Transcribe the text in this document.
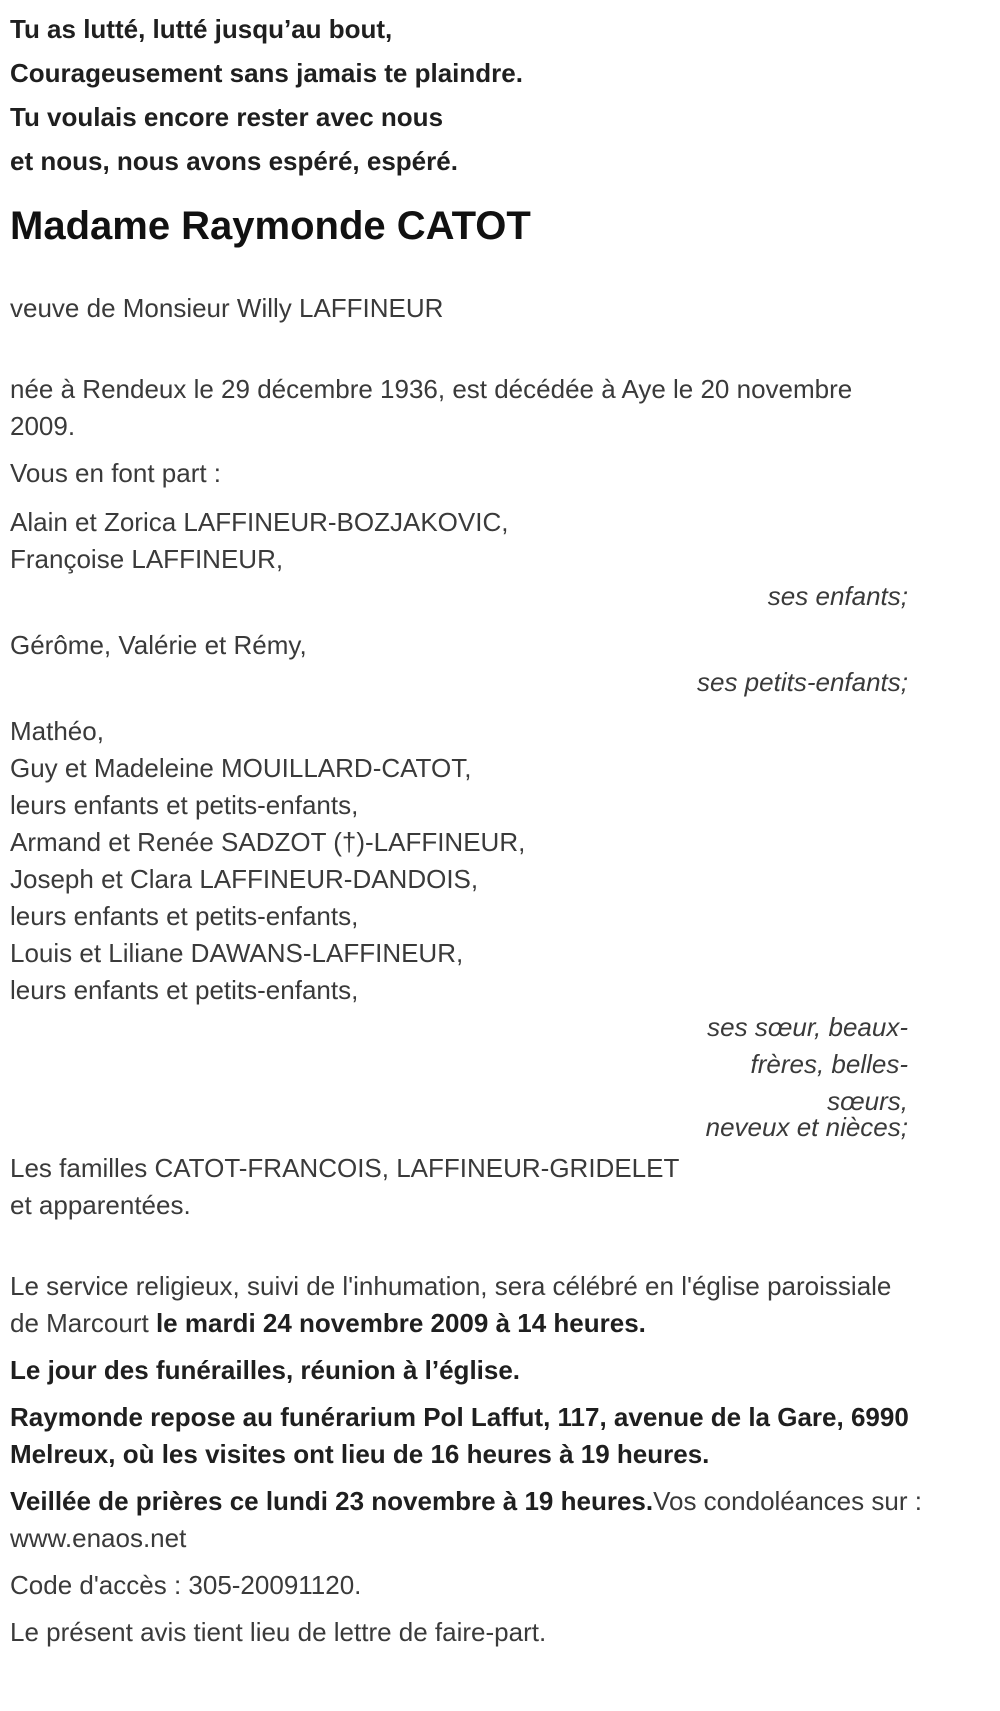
Tu as lutté, lutté jusqu’au bout,

Courageusement sans jamais te plaindre.

Tu voulais encore rester avec nous

et nous, nous avons espéré, espéré.

Madame Raymonde CATOT

veuve de Monsieur Willy LAFFINEUR

née à Rendeux le 29 décembre 1936, est décédée à Aye le 20 novembre 2009.

Vous en font part :

Alain et Zorica LAFFINEUR-BOZJAKOVIC,

Françoise LAFFINEUR,

ses enfants;

Gérôme, Valérie et Rémy,

ses petits-enfants;

Mathéo,

Guy et Madeleine MOUILLARD-CATOT,

leurs enfants et petits-enfants,

Armand et Renée SADZOT (†)-LAFFINEUR,

Joseph et Clara LAFFINEUR-DANDOIS,

leurs enfants et petits-enfants,

Louis et Liliane DAWANS-LAFFINEUR,

leurs enfants et petits-enfants,

ses sœur, beaux-frères, belles-sœurs,
neveux et nièces;

Les familles CATOT-FRANCOIS, LAFFINEUR-GRIDELET

et apparentées.

Le service religieux, suivi de l'inhumation, sera célébré en l'église paroissiale de Marcourt le mardi 24 novembre 2009 à 14 heures.

Le jour des funérailles, réunion à l’église.

Raymonde repose au funérarium Pol Laffut, 117, avenue de la Gare, 6990 Melreux, où les visites ont lieu de 16 heures à 19 heures.

Veillée de prières ce lundi 23 novembre à 19 heures.Vos condoléances sur : www.enaos.net

Code d'accès : 305-20091120.

Le présent avis tient lieu de lettre de faire-part.
